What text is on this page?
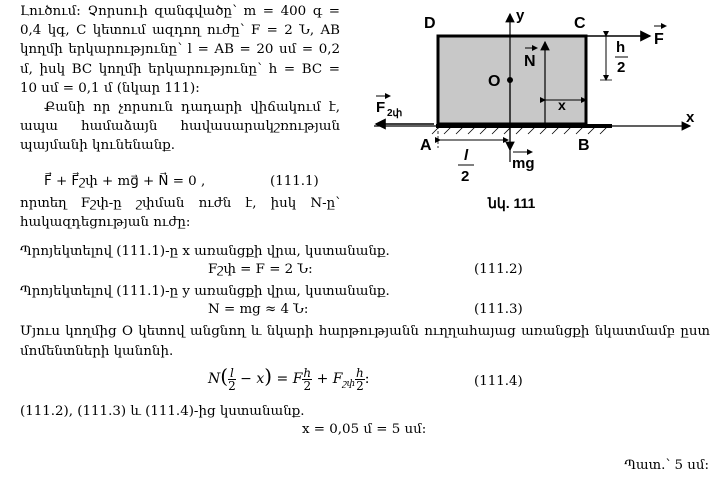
Լուծում: Չորսուի զանգվածը՝ m = 400 գ = 0,4 կգ, C կետում ազդող ուժը՝ F = 2 Ն, AB կողմի երկարությունը՝ l = AB = 20 սմ = 0,2 մ, իսկ BC կողմի երկարությունը՝ h = BC = 10 սմ = 0,1 մ (նկար 111):

Քանի որ չորսուն դադարի վիճակում է, ապա համաձայն հավասարակշռության պայմանի կունենանք.

F⃗ + F⃗շփ + mg⃗ + N⃗ = 0 ,	(111.1)

որտեղ Fշփ-ը շփման ուժն է, իսկ N-ը՝ հակազդեցության ուժը:

Պրոյեկտելով (111.1)-ը x առանցքի վրա, կստանանք.
Fշփ = F = 2 Ն:	(111.2)
Պրոյեկտելով (111.1)-ը y առանցքի վրա, կստանանք.
N = mg ≈ 4 Ն:	(111.3)
Մյուս կողմից O կետով անցնող և նկարի հարթությանն ուղղահայաց առանցքի նկատմամբ ըստ մոմենտների կանոնի.
$N( \frac{l}{2} - x) = F \frac{h}{2} + F_{շփ} \frac{h}{2}$ :	(111.4)
(111.2), (111.3) և (111.4)-ից կստանանք.
x = 0,05 մ = 5 սմ:
Պատ.՝ 5 սմ:
D	C
A	B
O
y
x
N
x
F
h
2
F 2փ
mg
l
2
նկ. 111
